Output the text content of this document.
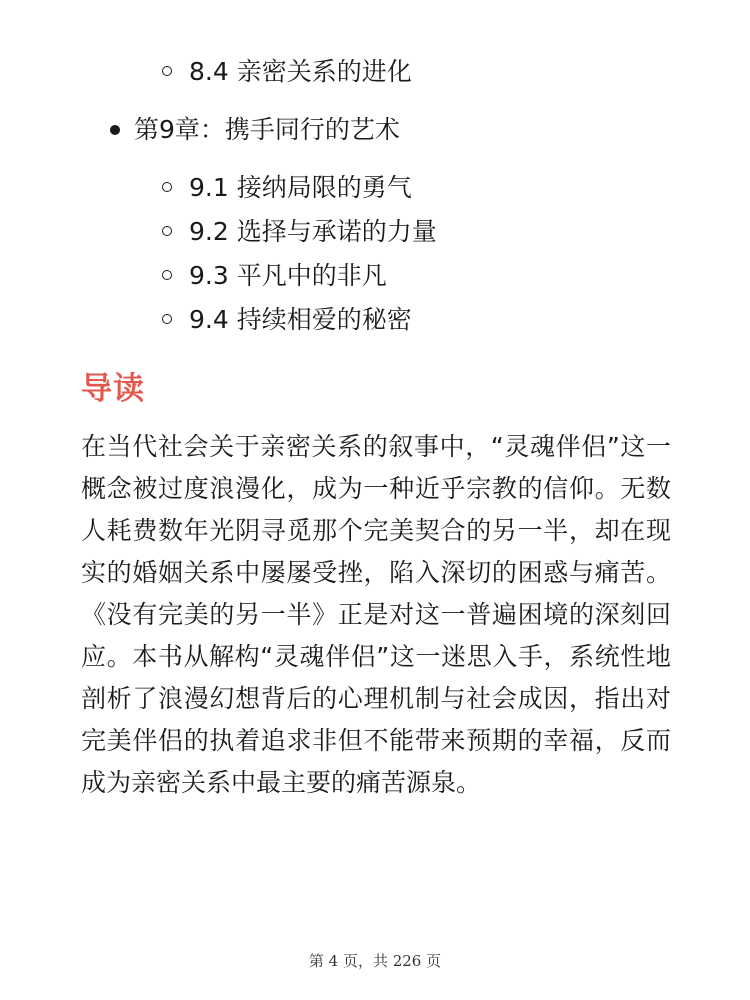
8.4 亲密关系的进化
第9章：携手同行的艺术
9.1 接纳局限的勇气
9.2 选择与承诺的力量
9.3 平凡中的非凡
9.4 持续相爱的秘密
导读

在当代社会关于亲密关系的叙事中，“灵魂伴侣”这一概念被过度浪漫化，成为一种近乎宗教的信仰。无数人耗费数年光阴寻觅那个完美契合的另一半，却在现实的婚姻关系中屡屡受挫，陷入深切的困惑与痛苦。《没有完美的另一半》正是对这一普遍困境的深刻回应。本书从解构“灵魂伴侣”这一迷思入手，系统性地剖析了浪漫幻想背后的心理机制与社会成因，指出对完美伴侣的执着追求非但不能带来预期的幸福，反而成为亲密关系中最主要的痛苦源泉。

第 4 页，共 226 页
